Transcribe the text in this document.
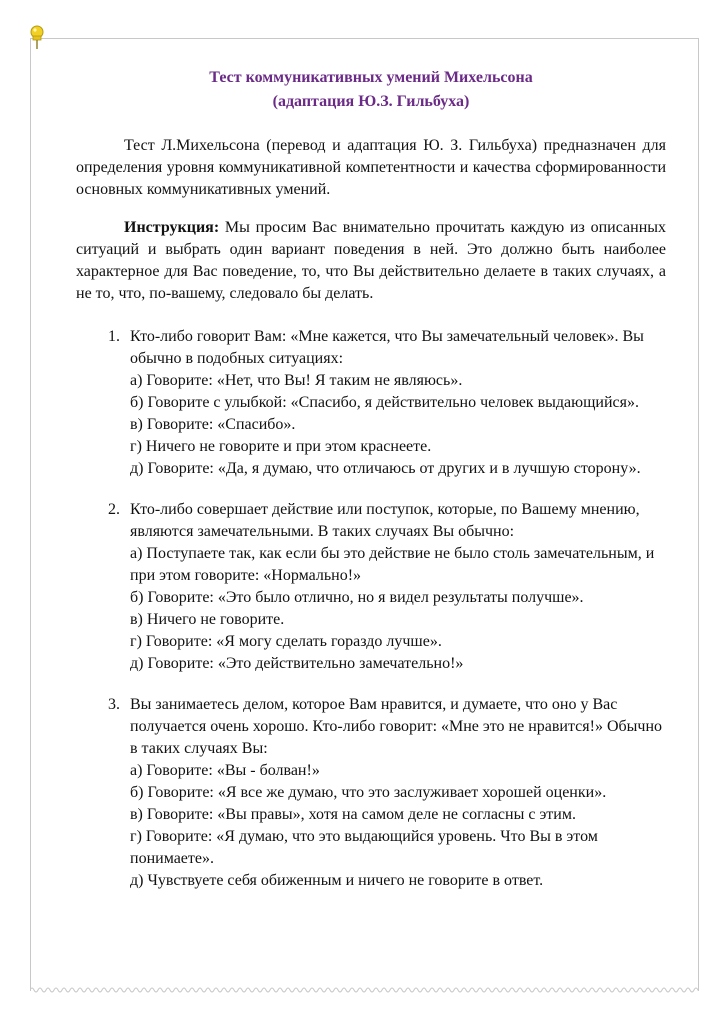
Тест коммуникативных умений Михельсона
(адаптация Ю.З. Гильбуха)

Тест Л.Михельсона (перевод и адаптация Ю. З. Гильбуха) предназначен для определения уровня коммуникативной компетентности и качества сформированности основных коммуникативных умений.

Инструкция: Мы просим Вас внимательно прочитать каждую из описанных ситуаций и выбрать один вариант поведения в ней. Это должно быть наиболее характерное для Вас поведение, то, что Вы действительно делаете в таких случаях, а не то, что, по-вашему, следовало бы делать.

1. Кто-либо говорит Вам: «Мне кажется, что Вы замечательный человек». Вы обычно в подобных ситуациях:
а) Говорите: «Нет, что Вы! Я таким не являюсь».
б) Говорите с улыбкой: «Спасибо, я действительно человек выдающийся».
в) Говорите: «Спасибо».
г) Ничего не говорите и при этом краснеете.
д) Говорите: «Да, я думаю, что отличаюсь от других и в лучшую сторону».
2. Кто-либо совершает действие или поступок, которые, по Вашему мнению, являются замечательными. В таких случаях Вы обычно:
а) Поступаете так, как если бы это действие не было столь замечательным, и при этом говорите: «Нормально!»
б) Говорите: «Это было отлично, но я видел результаты получше».
в) Ничего не говорите.
г) Говорите: «Я могу сделать гораздо лучше».
д) Говорите: «Это действительно замечательно!»
3. Вы занимаетесь делом, которое Вам нравится, и думаете, что оно у Вас получается очень хорошо. Кто-либо говорит: «Мне это не нравится!» Обычно в таких случаях Вы:
а) Говорите: «Вы - болван!»
б) Говорите: «Я все же думаю, что это заслуживает хорошей оценки».
в) Говорите: «Вы правы», хотя на самом деле не согласны с этим.
г) Говорите: «Я думаю, что это выдающийся уровень. Что Вы в этом понимаете».
д) Чувствуете себя обиженным и ничего не говорите в ответ.
